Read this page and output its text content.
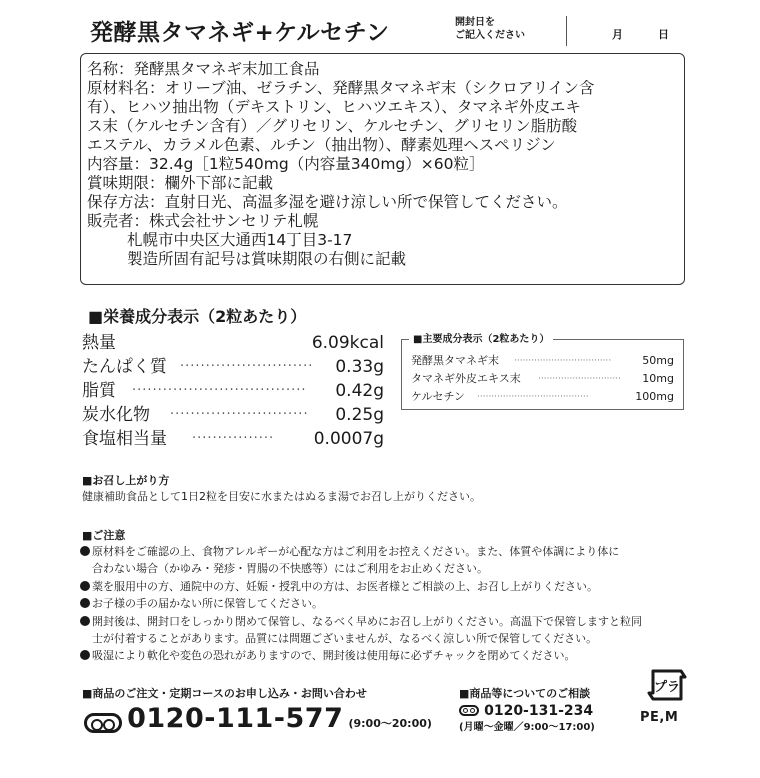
発酵黒タマネギ+ケルセチン	開封日を
ご記入ください	月	日
名称：発酵黒タマネギ末加工食品
原材料名：オリーブ油、ゼラチン、発酵黒タマネギ末（シクロアリイン含
有）、ヒハツ抽出物（デキストリン、ヒハツエキス）、タマネギ外皮エキ
ス末（ケルセチン含有）／グリセリン、ケルセチン、グリセリン脂肪酸
エステル、カラメル色素、ルチン（抽出物）、酵素処理ヘスペリジン
内容量：32.4g［1粒540mg（内容量340mg）×60粒］
賞味期限：欄外下部に記載
保存方法：直射日光、高温多湿を避け涼しい所で保管してください。
販売者：株式会社サンセリテ札幌
札幌市中央区大通西14丁目3-17
製造所固有記号は賞味期限の右側に記載
■栄養成分表示（2粒あたり）
熱量	6.09kcal
たんぱく質 ··························	0.33g
脂質 ··································	0.42g
炭水化物 ···························	0.25g
食塩相当量 ················	0.0007g
■主要成分表示（2粒あたり）
発酵黒タマネギ末 ··································	50mg
タマネギ外皮エキス末 ·····························	10mg
ケルセチン ·······································	100mg
■お召し上がり方
健康補助食品として1日2粒を目安に水またはぬるま湯でお召し上がりください。
■ご注意
原材料をご確認の上、食物アレルギーが心配な方はご利用をお控えください。また、体質や体調により体に
合わない場合（かゆみ・発疹・胃腸の不快感等）にはご利用をお止めください。
薬を服用中の方、通院中の方、妊娠・授乳中の方は、お医者様とご相談の上、お召し上がりください。
お子様の手の届かない所に保管してください。
開封後は、開封口をしっかり閉めて保管し、なるべく早めにお召し上がりください。高温下で保管しますと粒同
士が付着することがあります。品質には問題ございませんが、なるべく涼しい所で保管してください。
吸湿により軟化や変色の恐れがありますので、開封後は使用毎に必ずチャックを閉めてください。
■商品のご注文・定期コースのお申し込み・お問い合わせ
0120-111-577 (9:00〜20:00)
■商品等についてのご相談
0120-131-234
(月曜〜金曜／9:00〜17:00)
プラ
PE,M
